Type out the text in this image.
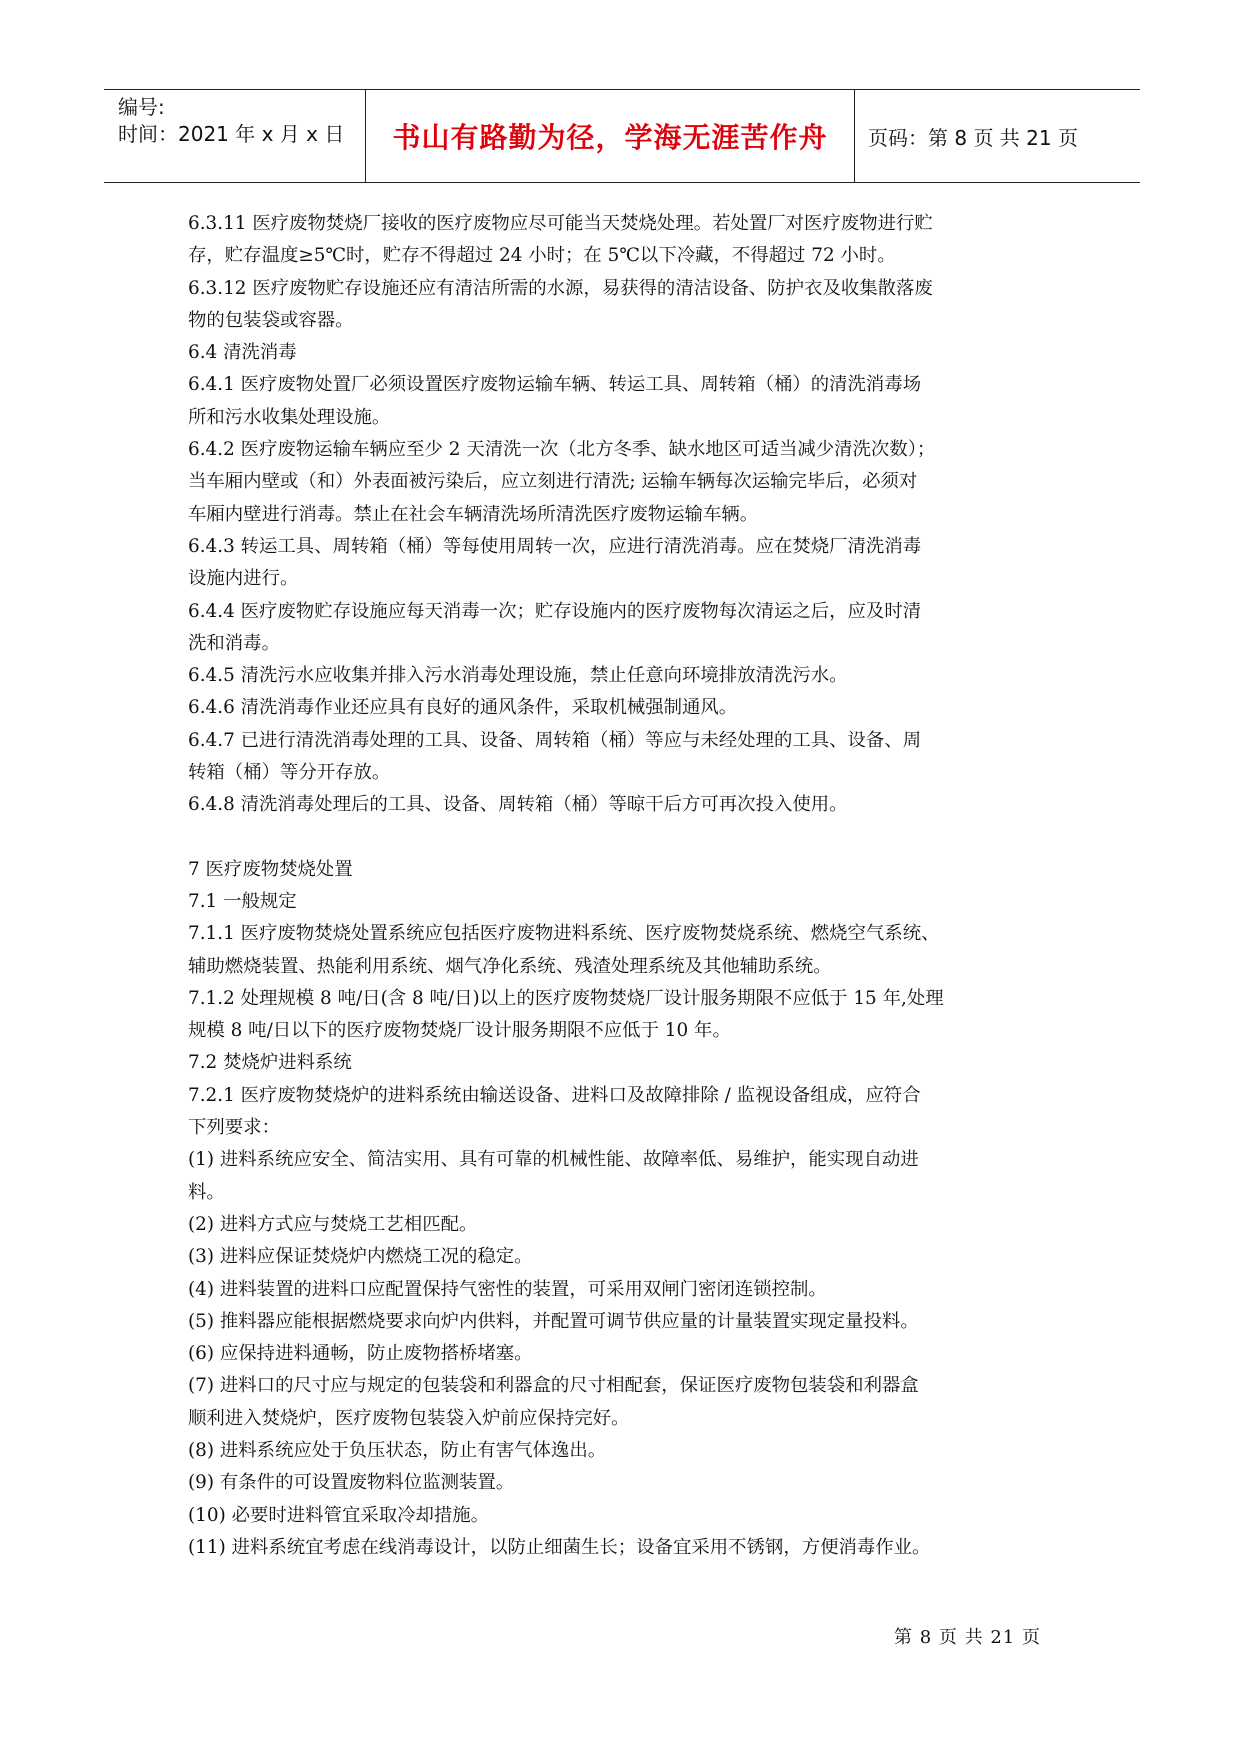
编号:
时间：2021 年 x 月 x 日	书山有路勤为径，学海无涯苦作舟	页码：第 8 页 共 21 页
6.3.11 医疗废物焚烧厂接收的医疗废物应尽可能当天焚烧处理。若处置厂对医疗废物进行贮
存，贮存温度≥5℃时，贮存不得超过 24 小时；在 5℃以下冷藏，不得超过 72 小时。
6.3.12 医疗废物贮存设施还应有清洁所需的水源，易获得的清洁设备、防护衣及收集散落废
物的包装袋或容器。
6.4 清洗消毒
6.4.1 医疗废物处置厂必须设置医疗废物运输车辆、转运工具、周转箱（桶）的清洗消毒场
所和污水收集处理设施。
6.4.2 医疗废物运输车辆应至少 2 天清洗一次（北方冬季、缺水地区可适当减少清洗次数）；
当车厢内壁或（和）外表面被污染后，应立刻进行清洗; 运输车辆每次运输完毕后，必须对
车厢内壁进行消毒。禁止在社会车辆清洗场所清洗医疗废物运输车辆。
6.4.3 转运工具、周转箱（桶）等每使用周转一次，应进行清洗消毒。应在焚烧厂清洗消毒
设施内进行。
6.4.4 医疗废物贮存设施应每天消毒一次；贮存设施内的医疗废物每次清运之后，应及时清
洗和消毒。
6.4.5 清洗污水应收集并排入污水消毒处理设施，禁止任意向环境排放清洗污水。
6.4.6 清洗消毒作业还应具有良好的通风条件，采取机械强制通风。
6.4.7 已进行清洗消毒处理的工具、设备、周转箱（桶）等应与未经处理的工具、设备、周
转箱（桶）等分开存放。
6.4.8 清洗消毒处理后的工具、设备、周转箱（桶）等晾干后方可再次投入使用。
7 医疗废物焚烧处置
7.1 一般规定
7.1.1 医疗废物焚烧处置系统应包括医疗废物进料系统、医疗废物焚烧系统、燃烧空气系统、
辅助燃烧装置、热能利用系统、烟气净化系统、残渣处理系统及其他辅助系统。
7.1.2 处理规模 8 吨/日(含 8 吨/日)以上的医疗废物焚烧厂设计服务期限不应低于 15 年,处理
规模 8 吨/日以下的医疗废物焚烧厂设计服务期限不应低于 10 年。
7.2 焚烧炉进料系统
7.2.1 医疗废物焚烧炉的进料系统由输送设备、进料口及故障排除 / 监视设备组成，应符合
下列要求：
(1) 进料系统应安全、简洁实用、具有可靠的机械性能、故障率低、易维护，能实现自动进
料。
(2) 进料方式应与焚烧工艺相匹配。
(3) 进料应保证焚烧炉内燃烧工况的稳定。
(4) 进料装置的进料口应配置保持气密性的装置，可采用双闸门密闭连锁控制。
(5) 推料器应能根据燃烧要求向炉内供料，并配置可调节供应量的计量装置实现定量投料。
(6) 应保持进料通畅，防止废物搭桥堵塞。
(7) 进料口的尺寸应与规定的包装袋和利器盒的尺寸相配套，保证医疗废物包装袋和利器盒
顺利进入焚烧炉，医疗废物包装袋入炉前应保持完好。
(8) 进料系统应处于负压状态，防止有害气体逸出。
(9) 有条件的可设置废物料位监测装置。
(10) 必要时进料管宜采取冷却措施。
(11) 进料系统宜考虑在线消毒设计，以防止细菌生长；设备宜采用不锈钢，方便消毒作业。
第 8 页 共 21 页
